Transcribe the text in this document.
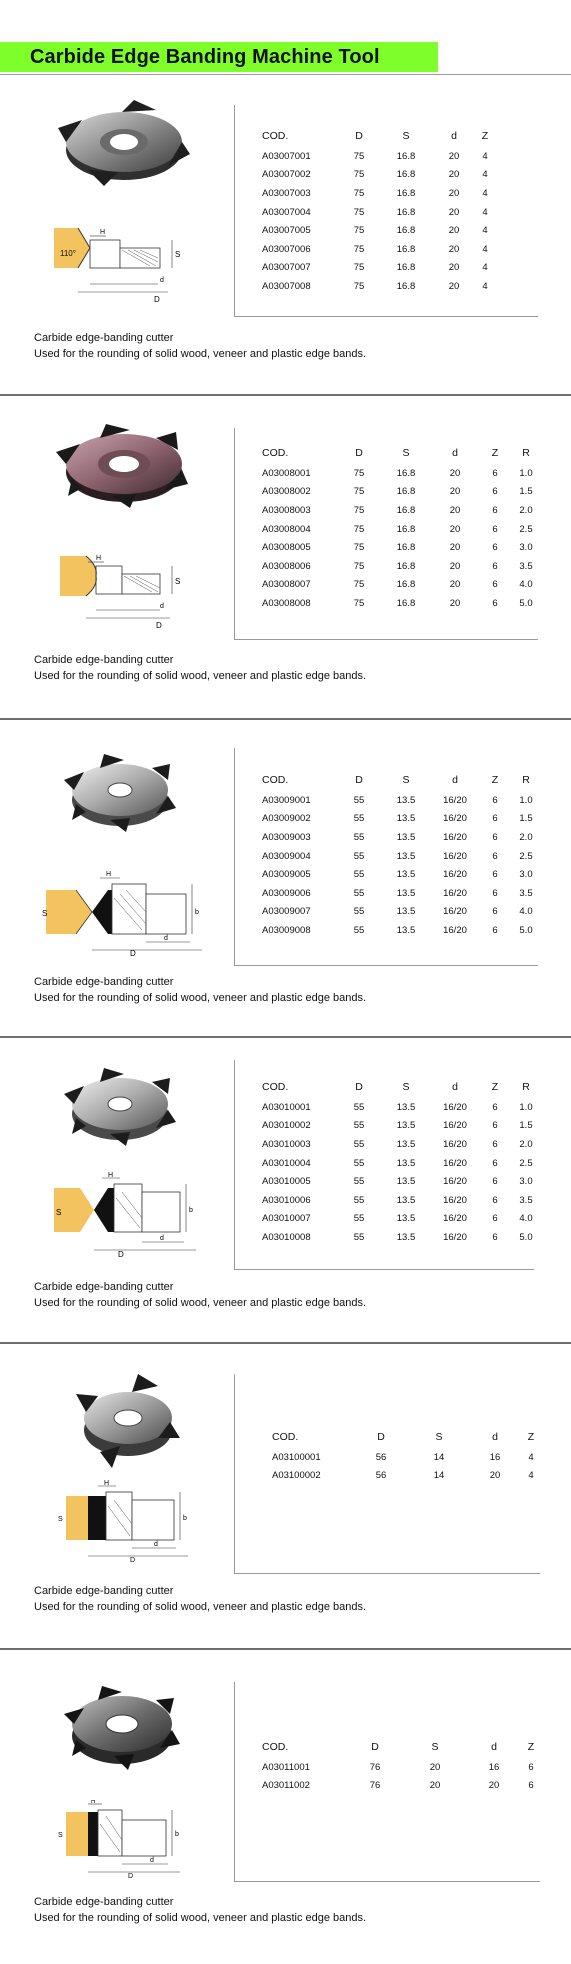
Carbide Edge Banding Machine Tool
110°
H
S
d
D
COD.	D	S	d	Z
A03007001	75	16.8	20	4
A03007002	75	16.8	20	4
A03007003	75	16.8	20	4
A03007004	75	16.8	20	4
A03007005	75	16.8	20	4
A03007006	75	16.8	20	4
A03007007	75	16.8	20	4
A03007008	75	16.8	20	4
Carbide edge-banding cutter
Used for the rounding of solid wood, veneer and plastic edge bands.
H
S
d
D
COD.	D	S	d	Z	R
A03008001	75	16.8	20	6	1.0
A03008002	75	16.8	20	6	1.5
A03008003	75	16.8	20	6	2.0
A03008004	75	16.8	20	6	2.5
A03008005	75	16.8	20	6	3.0
A03008006	75	16.8	20	6	3.5
A03008007	75	16.8	20	6	4.0
A03008008	75	16.8	20	6	5.0
Carbide edge-banding cutter
Used for the rounding of solid wood, veneer and plastic edge bands.
H
S	b
d
D
COD.	D	S	d	Z	R
A03009001	55	13.5	16/20	6	1.0
A03009002	55	13.5	16/20	6	1.5
A03009003	55	13.5	16/20	6	2.0
A03009004	55	13.5	16/20	6	2.5
A03009005	55	13.5	16/20	6	3.0
A03009006	55	13.5	16/20	6	3.5
A03009007	55	13.5	16/20	6	4.0
A03009008	55	13.5	16/20	6	5.0
Carbide edge-banding cutter
Used for the rounding of solid wood, veneer and plastic edge bands.
H
S	b
d
D
COD.	D	S	d	Z	R
A03010001	55	13.5	16/20	6	1.0
A03010002	55	13.5	16/20	6	1.5
A03010003	55	13.5	16/20	6	2.0
A03010004	55	13.5	16/20	6	2.5
A03010005	55	13.5	16/20	6	3.0
A03010006	55	13.5	16/20	6	3.5
A03010007	55	13.5	16/20	6	4.0
A03010008	55	13.5	16/20	6	5.0
Carbide edge-banding cutter
Used for the rounding of solid wood, veneer and plastic edge bands.
H
S	b
d
D
COD.	D	S	d	Z
A03100001	56	14	16	4
A03100002	56	14	20	4
Carbide edge-banding cutter
Used for the rounding of solid wood, veneer and plastic edge bands.
H
S	b
d
D
COD.	D	S	d	Z
A03011001	76	20	16	6
A03011002	76	20	20	6
Carbide edge-banding cutter
Used for the rounding of solid wood, veneer and plastic edge bands.
